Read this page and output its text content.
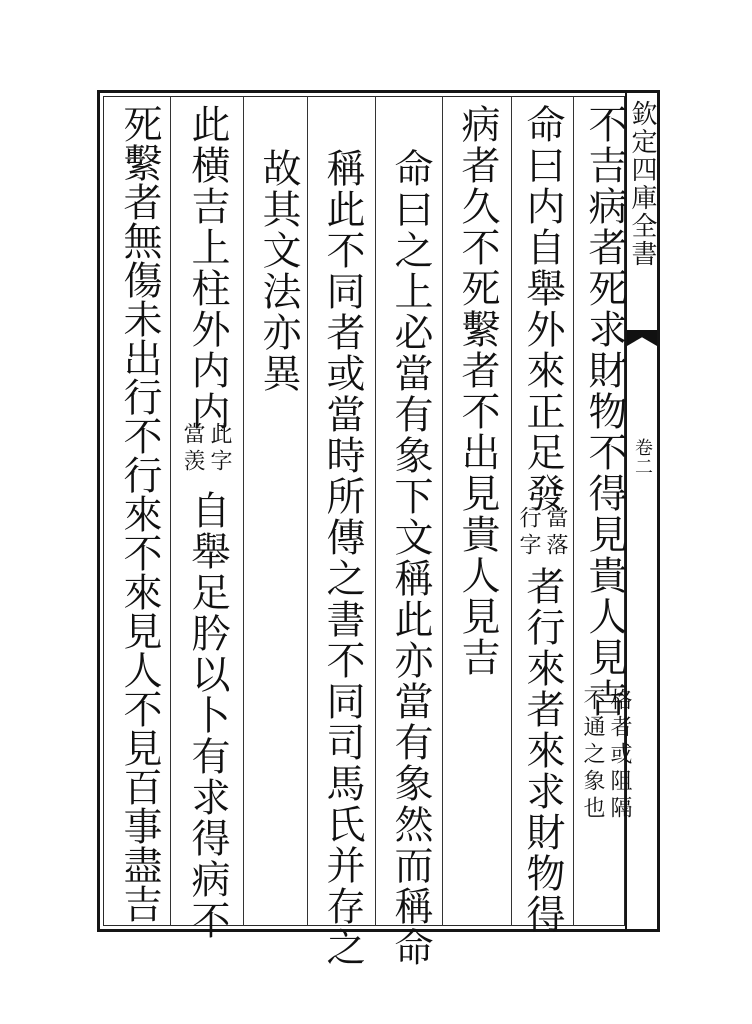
欽定四庫全書
卷二
不吉病者死求財物不得見貴人見吉
格者或阻隔
不通之象也
命曰内自舉外來正足發
當落
行字
者行來者來求財物得
病者久不死繫者不出見貴人見吉
命曰之上必當有象下文稱此亦當有象然而稱命
稱此不同者或當時所傳之書不同司馬氏并存之
故其文法亦異
此横吉上柱外内内
此字
當羡
自舉足肣以卜有求得病不
死繫者無傷未出行不行來不來見人不見百事盡吉
